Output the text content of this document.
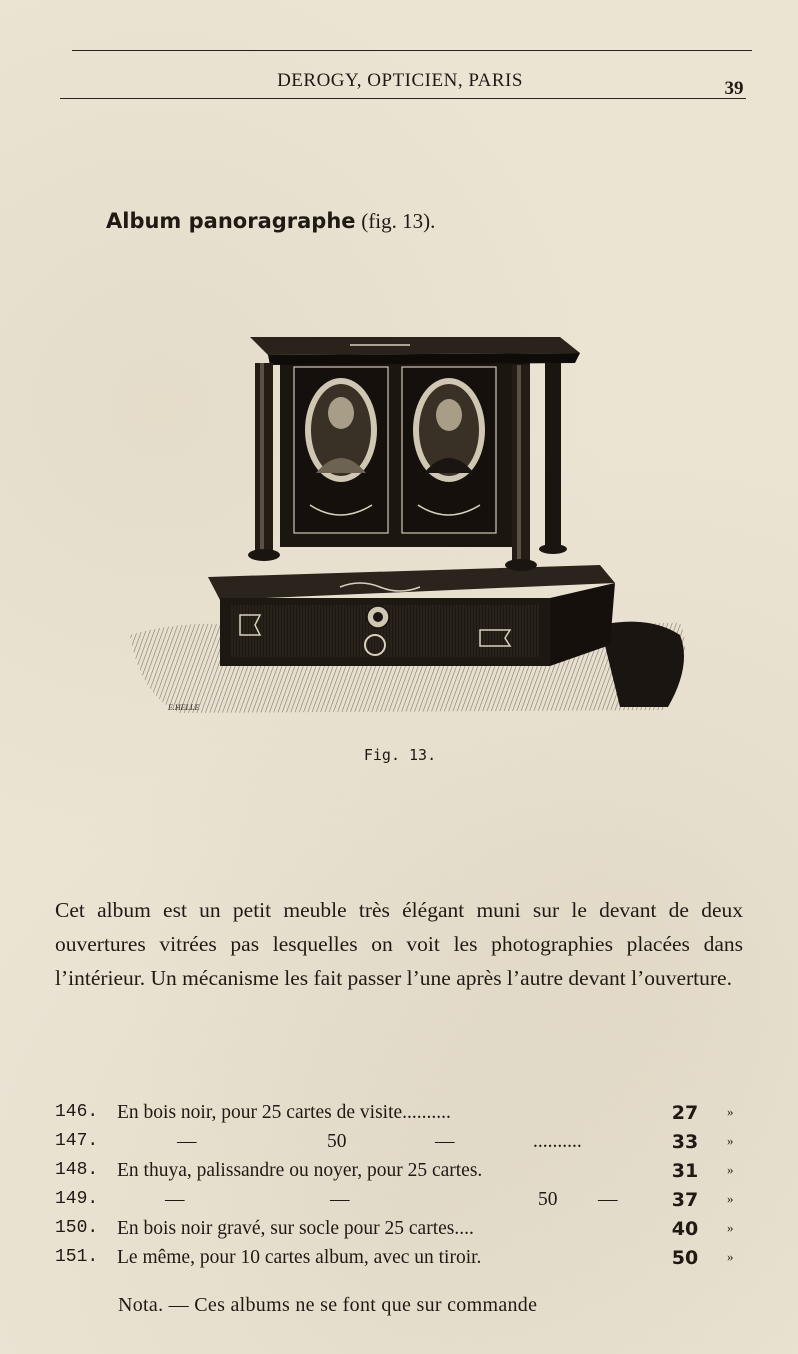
DEROGY, OPTICIEN, PARIS	39
Album panoragraphe (fig. 13).
E.HELLE
Fig. 13.

Cet album est un petit meuble très élégant muni sur le devant de deux ouvertures vitrées pas lesquelles on voit les photographies placées dans l’intérieur. Un mécanisme les fait passer l’une après l’autre devant l’ouverture.

146. En bois noir, pour 25 cartes de visite..........	27	»
147.	—	50	—	..........	33	»
148. En thuya, palissandre ou noyer, pour 25 cartes.	31	»
149.	—	—	50 —	37	»
150. En bois noir gravé, sur socle pour 25 cartes....	40	»
151. Le même, pour 10 cartes album, avec un tiroir.	50	»
Nota. — Ces albums ne se font que sur commande
